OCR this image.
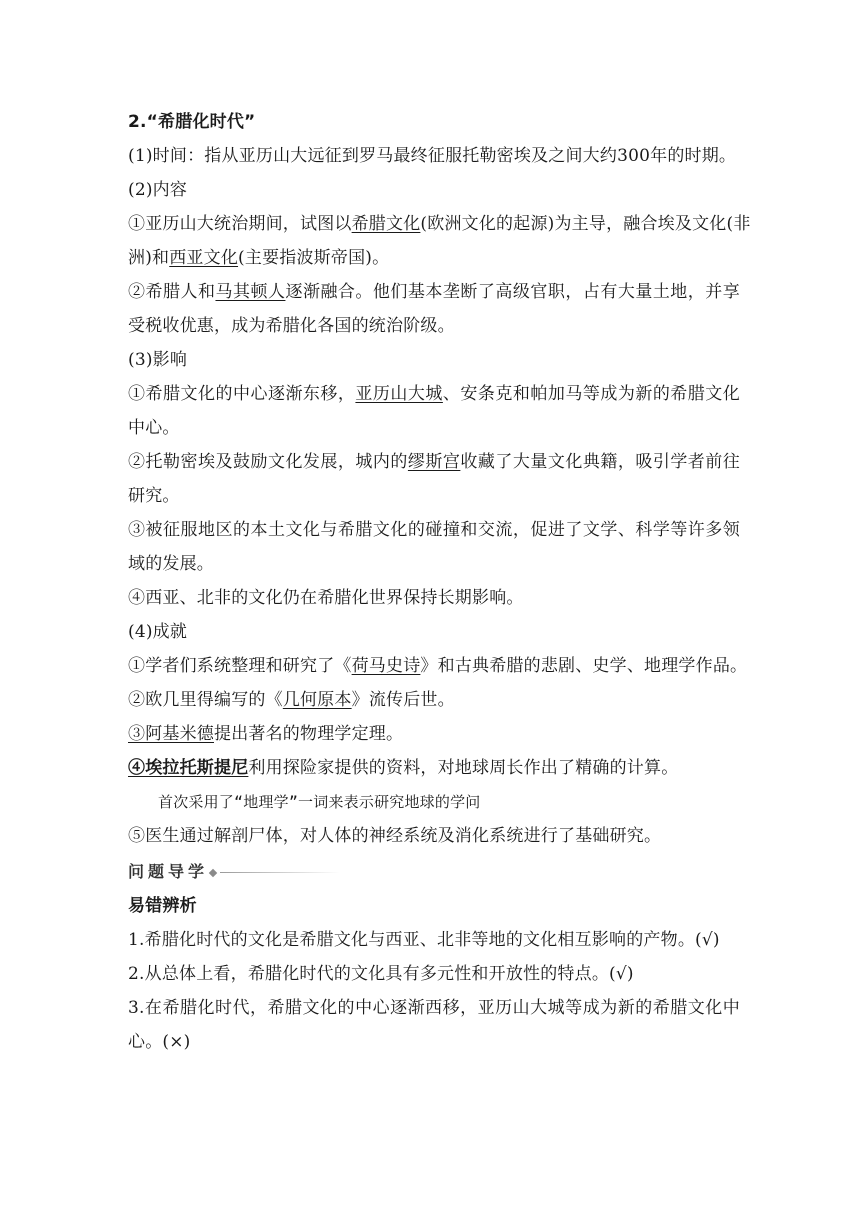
2.“希腊化时代”
(1)时间：指从亚历山大远征到罗马最终征服托勒密埃及之间大约300年的时期。
(2)内容
①亚历山大统治期间，试图以希腊文化(欧洲文化的起源)为主导，融合埃及文化(非
洲)和西亚文化(主要指波斯帝国)。
②希腊人和马其顿人逐渐融合。他们基本垄断了高级官职，占有大量土地，并享
受税收优惠，成为希腊化各国的统治阶级。
(3)影响
①希腊文化的中心逐渐东移，亚历山大城、安条克和帕加马等成为新的希腊文化
中心。
②托勒密埃及鼓励文化发展，城内的缪斯宫收藏了大量文化典籍，吸引学者前往
研究。
③被征服地区的本土文化与希腊文化的碰撞和交流，促进了文学、科学等许多领
域的发展。
④西亚、北非的文化仍在希腊化世界保持长期影响。
(4)成就
①学者们系统整理和研究了《荷马史诗》和古典希腊的悲剧、史学、地理学作品。
②欧几里得编写的《几何原本》流传后世。
③阿基米德提出著名的物理学定理。
④埃拉托斯提尼利用探险家提供的资料，对地球周长作出了精确的计算。
首次采用了“地理学”一词来表示研究地球的学问
⑤医生通过解剖尸体，对人体的神经系统及消化系统进行了基础研究。
问题导学
易错辨析
1.希腊化时代的文化是希腊文化与西亚、北非等地的文化相互影响的产物。(√)
2.从总体上看，希腊化时代的文化具有多元性和开放性的特点。(√)
3.在希腊化时代，希腊文化的中心逐渐西移，亚历山大城等成为新的希腊文化中
心。(×)
